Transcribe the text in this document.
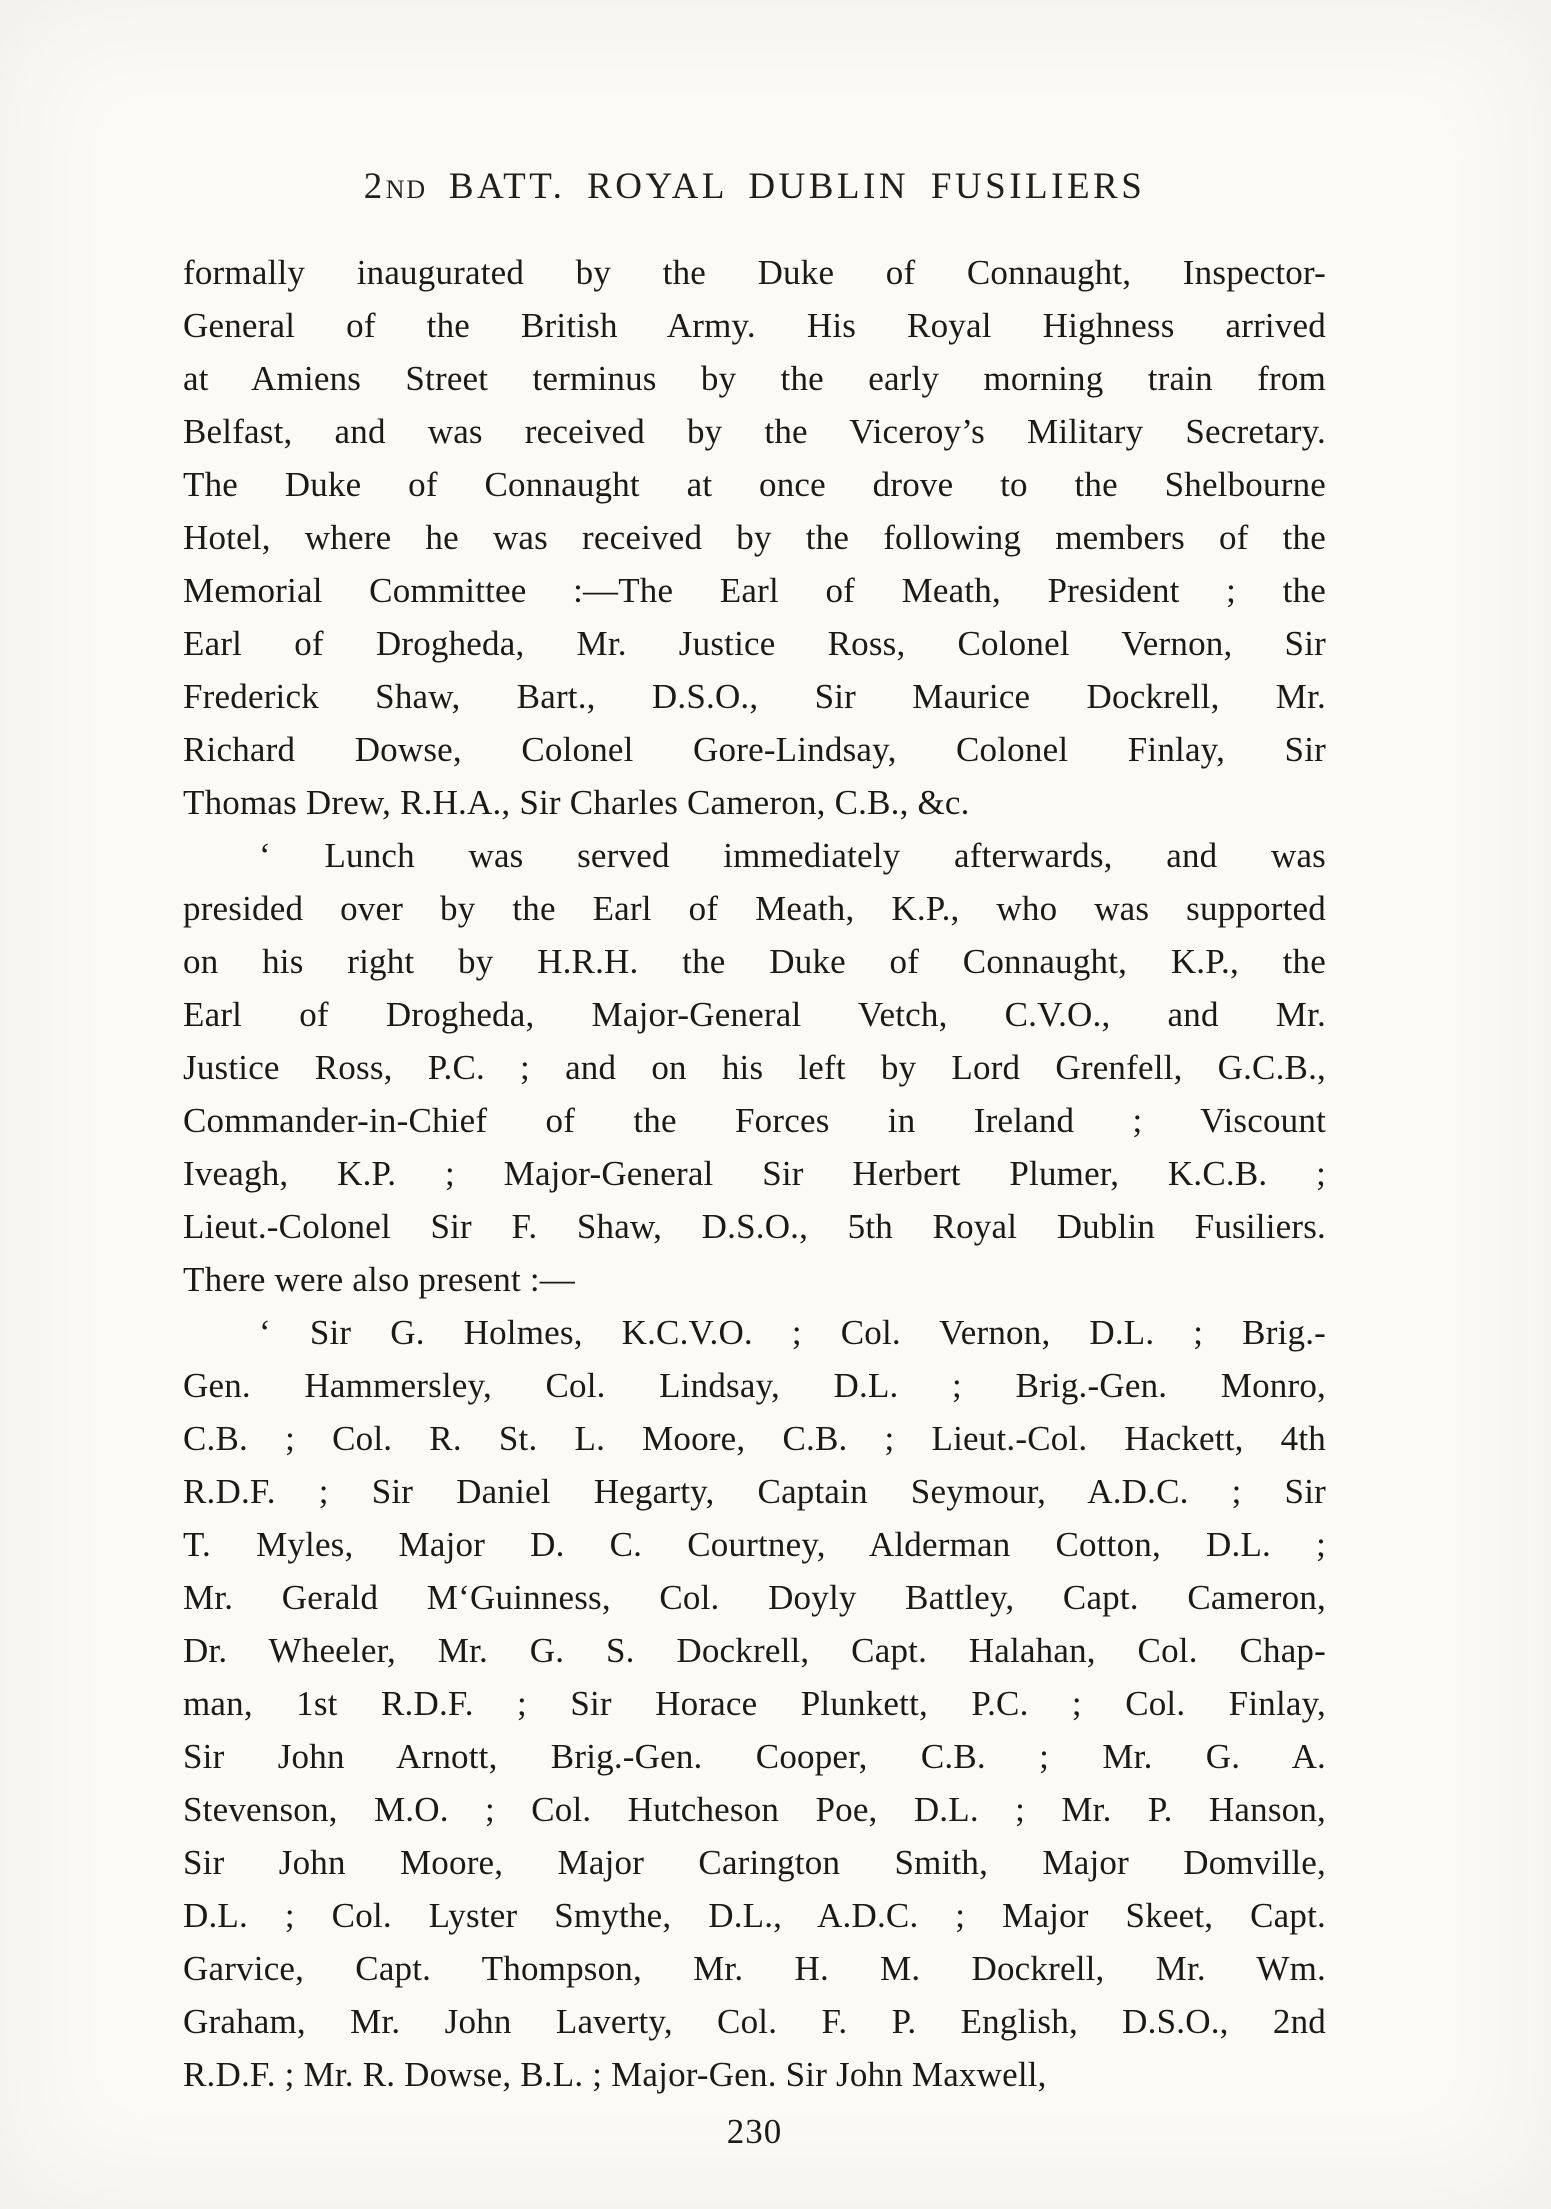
2ND BATT. ROYAL DUBLIN FUSILIERS
formally inaugurated by the Duke of Connaught, Inspector-
General of the British Army. His Royal Highness arrived
at Amiens Street terminus by the early morning train from
Belfast, and was received by the Viceroy’s Military Secretary.
The Duke of Connaught at once drove to the Shelbourne
Hotel, where he was received by the following members of the
Memorial Committee :—The Earl of Meath, President ; the
Earl of Drogheda, Mr. Justice Ross, Colonel Vernon, Sir
Frederick Shaw, Bart., D.S.O., Sir Maurice Dockrell, Mr.
Richard Dowse, Colonel Gore-Lindsay, Colonel Finlay, Sir
Thomas Drew, R.H.A., Sir Charles Cameron, C.B., &c.
‘ Lunch was served immediately afterwards, and was
presided over by the Earl of Meath, K.P., who was supported
on his right by H.R.H. the Duke of Connaught, K.P., the
Earl of Drogheda, Major-General Vetch, C.V.O., and Mr.
Justice Ross, P.C. ; and on his left by Lord Grenfell, G.C.B.,
Commander-in-Chief of the Forces in Ireland ; Viscount
Iveagh, K.P. ; Major-General Sir Herbert Plumer, K.C.B. ;
Lieut.-Colonel Sir F. Shaw, D.S.O., 5th Royal Dublin Fusiliers.
There were also present :—
‘ Sir G. Holmes, K.C.V.O. ; Col. Vernon, D.L. ; Brig.-
Gen. Hammersley, Col. Lindsay, D.L. ; Brig.-Gen. Monro,
C.B. ; Col. R. St. L. Moore, C.B. ; Lieut.-Col. Hackett, 4th
R.D.F. ; Sir Daniel Hegarty, Captain Seymour, A.D.C. ; Sir
T. Myles, Major D. C. Courtney, Alderman Cotton, D.L. ;
Mr. Gerald M‘Guinness, Col. Doyly Battley, Capt. Cameron,
Dr. Wheeler, Mr. G. S. Dockrell, Capt. Halahan, Col. Chap-
man, 1st R.D.F. ; Sir Horace Plunkett, P.C. ; Col. Finlay,
Sir John Arnott, Brig.-Gen. Cooper, C.B. ; Mr. G. A.
Stevenson, M.O. ; Col. Hutcheson Poe, D.L. ; Mr. P. Hanson,
Sir John Moore, Major Carington Smith, Major Domville,
D.L. ; Col. Lyster Smythe, D.L., A.D.C. ; Major Skeet, Capt.
Garvice, Capt. Thompson, Mr. H. M. Dockrell, Mr. Wm.
Graham, Mr. John Laverty, Col. F. P. English, D.S.O., 2nd
R.D.F. ; Mr. R. Dowse, B.L. ; Major-Gen. Sir John Maxwell,
230
